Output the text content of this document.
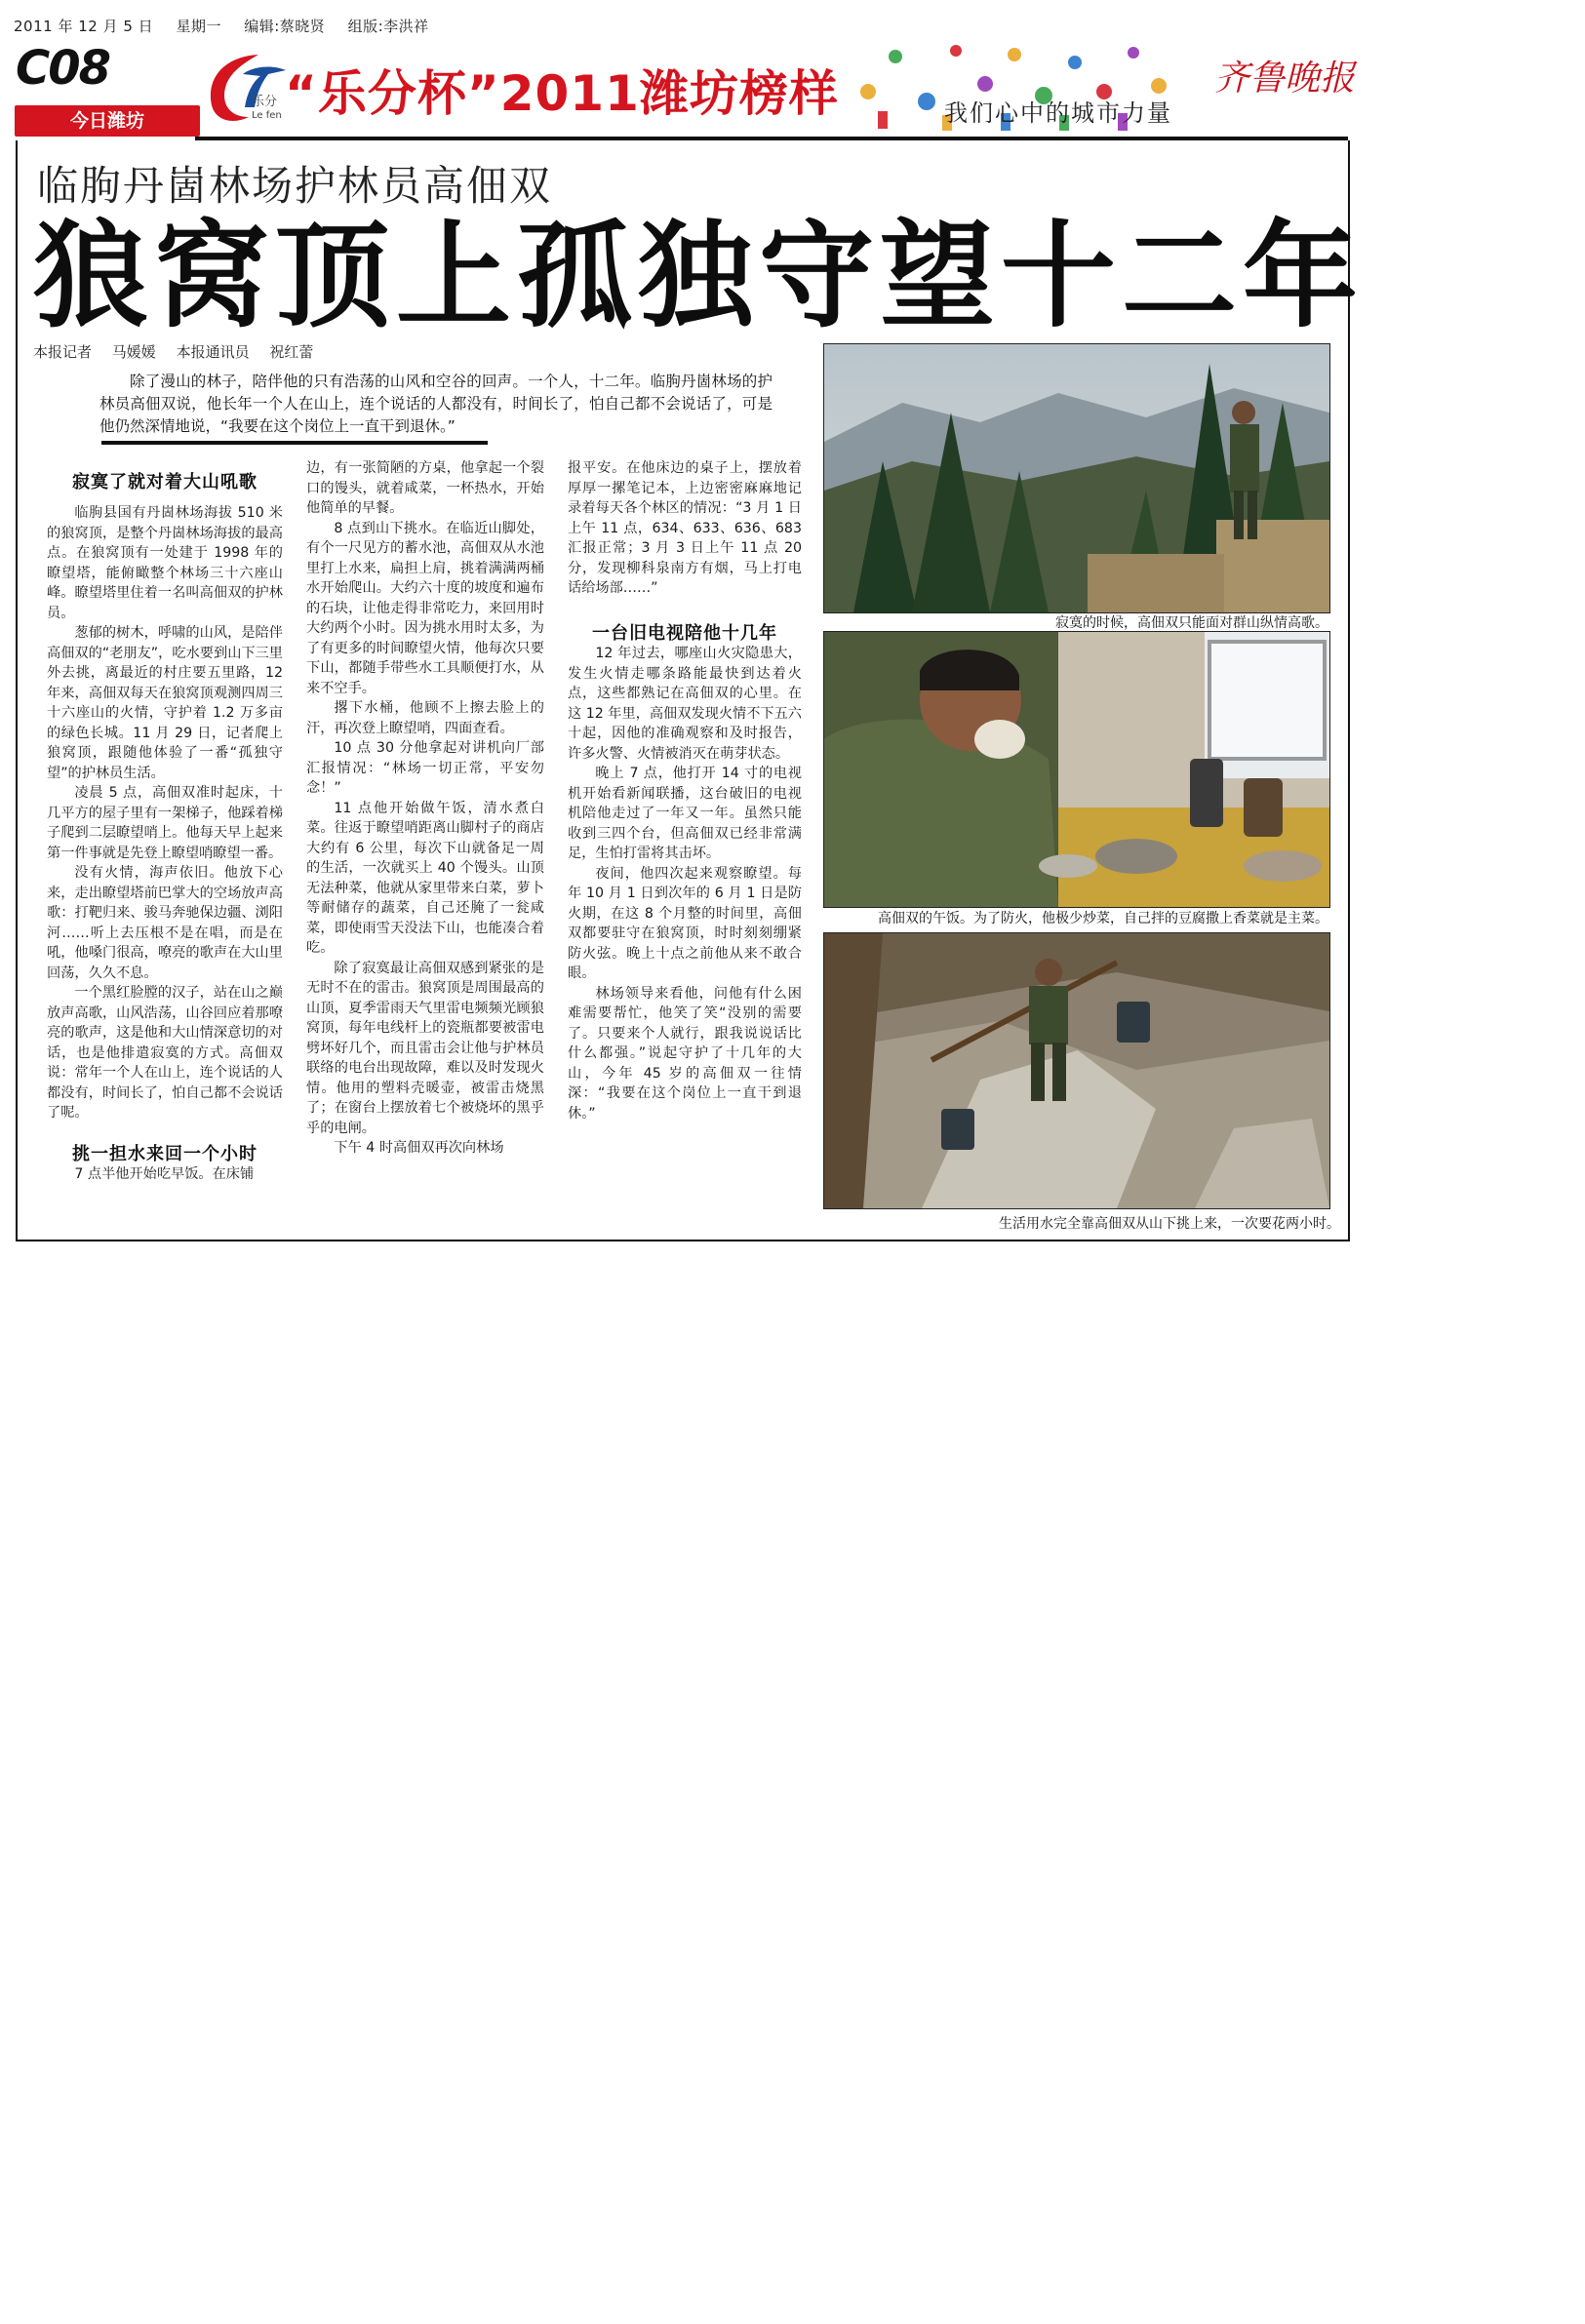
2011 年 12 月 5 日 星期一 编辑:蔡晓贤 组版:李洪祥
C08
今日潍坊
乐分
Le fen “乐分杯”2011潍坊榜样	我们心中的城市力量
齐鲁晚报
临朐丹崮林场护林员高佃双
狼窝顶上孤独守望十二年
本报记者 马媛媛 本报通讯员 祝红蕾
除了漫山的林子，陪伴他的只有浩荡的山风和空谷的回声。一个人，十二年。临朐丹崮林场的护林员高佃双说，他长年一个人在山上，连个说话的人都没有，时间长了，怕自己都不会说话了，可是他仍然深情地说，“我要在这个岗位上一直干到退休。”
寂寞了就对着大山吼歌

临朐县国有丹崮林场海拔 510 米的狼窝顶，是整个丹崮林场海拔的最高点。在狼窝顶有一处建于 1998 年的瞭望塔，能俯瞰整个林场三十六座山峰。瞭望塔里住着一名叫高佃双的护林员。

葱郁的树木，呼啸的山风，是陪伴高佃双的“老朋友”，吃水要到山下三里外去挑，离最近的村庄要五里路，12 年来，高佃双每天在狼窝顶观测四周三十六座山的火情，守护着 1.2 万多亩的绿色长城。11 月 29 日，记者爬上狼窝顶，跟随他体验了一番“孤独守望”的护林员生活。

凌晨 5 点，高佃双准时起床，十几平方的屋子里有一架梯子，他踩着梯子爬到二层瞭望哨上。他每天早上起来第一件事就是先登上瞭望哨瞭望一番。

没有火情，海声依旧。他放下心来，走出瞭望塔前巴掌大的空场放声高歌：打靶归来、骏马奔驰保边疆、浏阳河……听上去压根不是在唱，而是在吼，他嗓门很高，嘹亮的歌声在大山里回荡，久久不息。

一个黑红脸膛的汉子，站在山之巅放声高歌，山风浩荡，山谷回应着那嘹亮的歌声，这是他和大山情深意切的对话，也是他排遣寂寞的方式。高佃双说：常年一个人在山上，连个说话的人都没有，时间长了，怕自己都不会说话了呢。

挑一担水来回一个小时

7 点半他开始吃早饭。在床铺

边，有一张简陋的方桌，他拿起一个裂口的馒头，就着咸菜，一杯热水，开始他简单的早餐。

8 点到山下挑水。在临近山脚处，有个一尺见方的蓄水池，高佃双从水池里打上水来，扁担上肩，挑着满满两桶水开始爬山。大约六十度的坡度和遍布的石块，让他走得非常吃力，来回用时大约两个小时。因为挑水用时太多，为了有更多的时间瞭望火情，他每次只要下山，都随手带些水工具顺便打水，从来不空手。

撂下水桶，他顾不上擦去脸上的汗，再次登上瞭望哨，四面查看。

10 点 30 分他拿起对讲机向厂部汇报情况：“林场一切正常，平安勿念！”

11 点他开始做午饭，清水煮白菜。往返于瞭望哨距离山脚村子的商店大约有 6 公里，每次下山就备足一周的生活，一次就买上 40 个馒头。山顶无法种菜，他就从家里带来白菜，萝卜等耐储存的蔬菜，自己还腌了一瓮咸菜，即使雨雪天没法下山，也能凑合着吃。

除了寂寞最让高佃双感到紧张的是无时不在的雷击。狼窝顶是周围最高的山顶，夏季雷雨天气里雷电频频光顾狼窝顶，每年电线杆上的瓷瓶都要被雷电劈坏好几个，而且雷击会让他与护林员联络的电台出现故障，难以及时发现火情。他用的塑料壳暖壶，被雷击烧黑了；在窗台上摆放着七个被烧坏的黑乎乎的电闸。

下午 4 时高佃双再次向林场

报平安。在他床边的桌子上，摆放着厚厚一摞笔记本，上边密密麻麻地记录着每天各个林区的情况：“3 月 1 日上午 11 点，634、633、636、683 汇报正常；3 月 3 日上午 11 点 20 分，发现柳科泉南方有烟，马上打电话给场部……”

一台旧电视陪他十几年

12 年过去，哪座山火灾隐患大，发生火情走哪条路能最快到达着火点，这些都熟记在高佃双的心里。在这 12 年里，高佃双发现火情不下五六十起，因他的准确观察和及时报告，许多火警、火情被消灭在萌芽状态。

晚上 7 点，他打开 14 寸的电视机开始看新闻联播，这台破旧的电视机陪他走过了一年又一年。虽然只能收到三四个台，但高佃双已经非常满足，生怕打雷将其击坏。

夜间，他四次起来观察瞭望。每年 10 月 1 日到次年的 6 月 1 日是防火期，在这 8 个月整的时间里，高佃双都要驻守在狼窝顶，时时刻刻绷紧防火弦。晚上十点之前他从来不敢合眼。

林场领导来看他，问他有什么困难需要帮忙，他笑了笑“没别的需要了。只要来个人就行，跟我说说话比什么都强。”说起守护了十几年的大山，今年 45 岁的高佃双一往情深：“我要在这个岗位上一直干到退休。”

寂寞的时候，高佃双只能面对群山纵情高歌。
高佃双的午饭。为了防火，他极少炒菜，自己拌的豆腐撒上香菜就是主菜。
生活用水完全靠高佃双从山下挑上来，一次要花两小时。
